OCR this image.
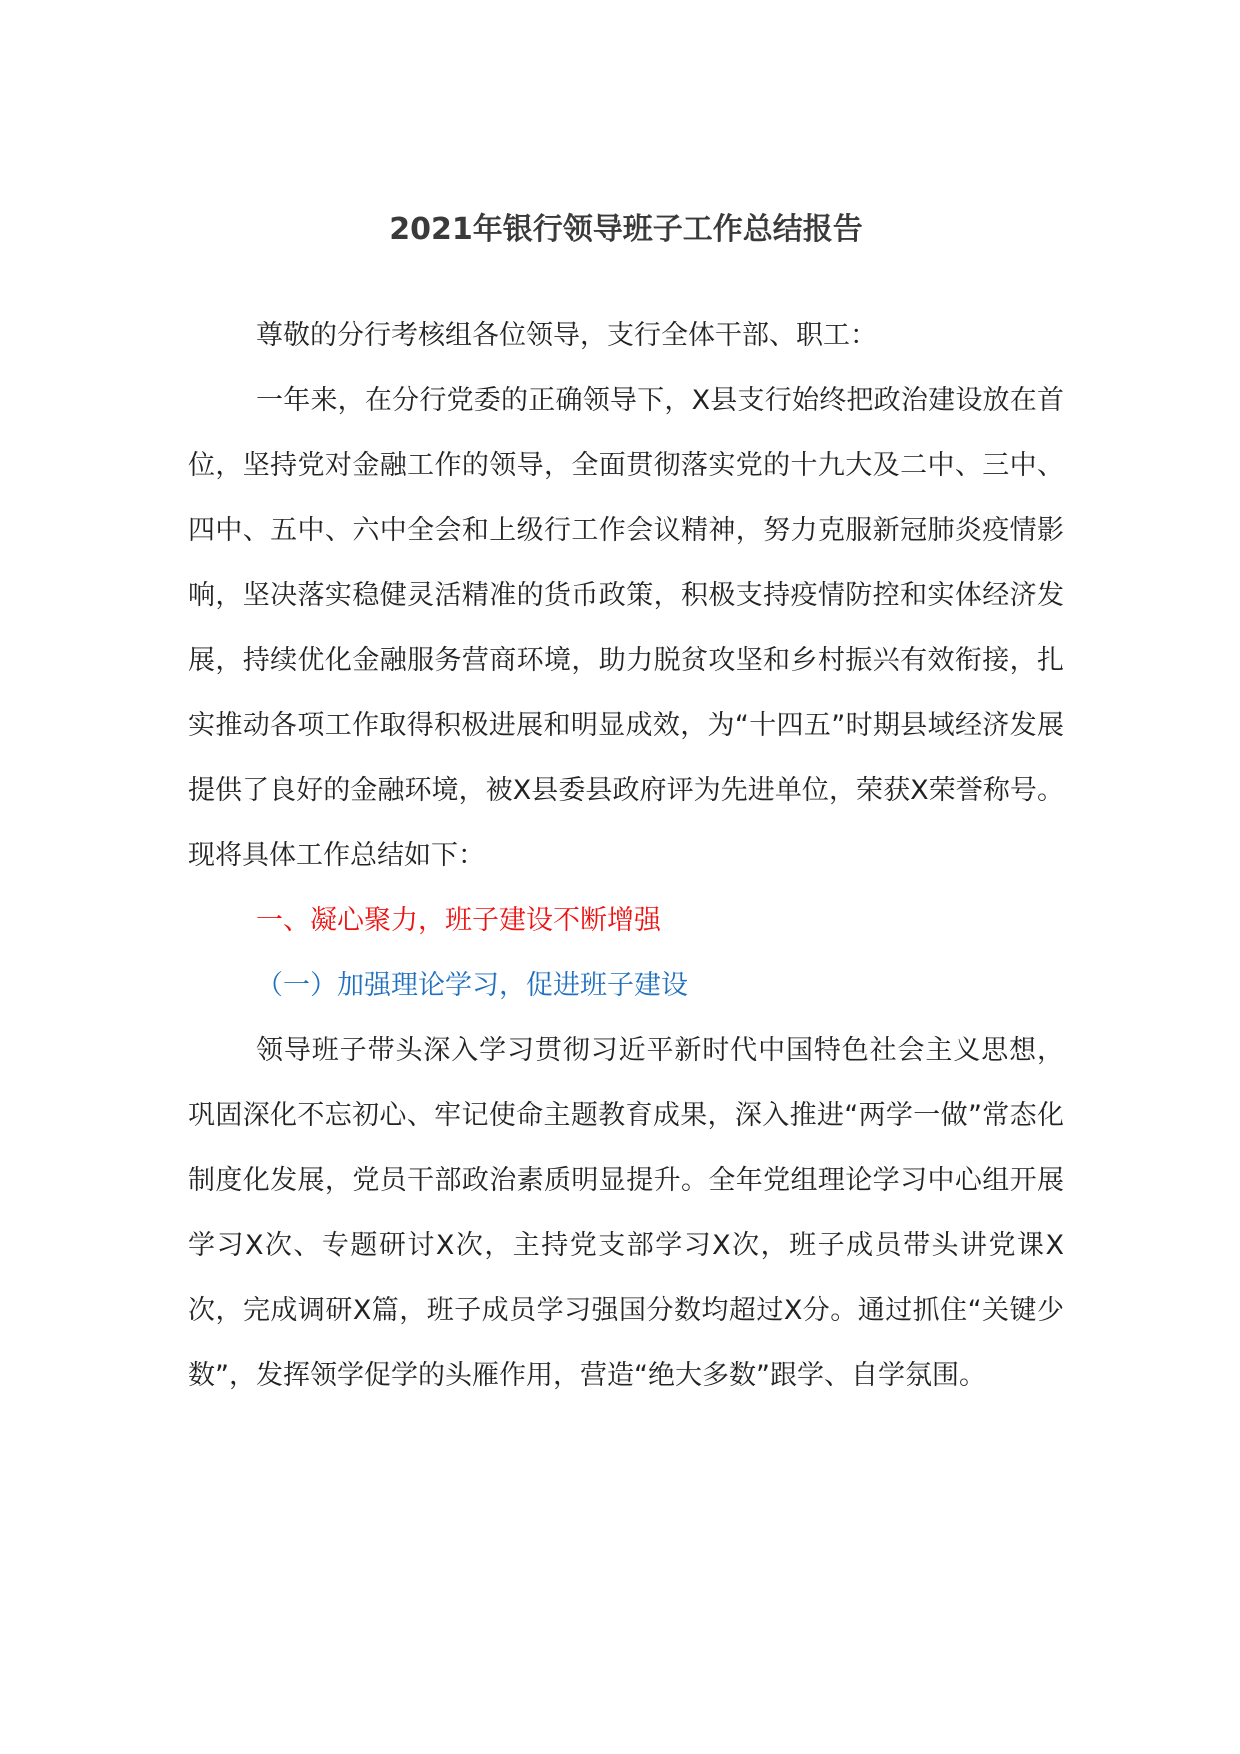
2021年银行领导班子工作总结报告

尊敬的分行考核组各位领导，支行全体干部、职工：

一年来，在分行党委的正确领导下，X县支行始终把政治建设放在首位，坚持党对金融工作的领导，全面贯彻落实党的十九大及二中、三中、四中、五中、六中全会和上级行工作会议精神，努力克服新冠肺炎疫情影响，坚决落实稳健灵活精准的货币政策，积极支持疫情防控和实体经济发展，持续优化金融服务营商环境，助力脱贫攻坚和乡村振兴有效衔接，扎实推动各项工作取得积极进展和明显成效，为“十四五”时期县域经济发展提供了良好的金融环境，被X县委县政府评为先进单位，荣获X荣誉称号。现将具体工作总结如下：

一、凝心聚力，班子建设不断增强

（一）加强理论学习，促进班子建设

领导班子带头深入学习贯彻习近平新时代中国特色社会主义思想，巩固深化不忘初心、牢记使命主题教育成果，深入推进“两学一做”常态化制度化发展，党员干部政治素质明显提升。全年党组理论学习中心组开展学习X次、专题研讨X次，主持党支部学习X次，班子成员带头讲党课X次，完成调研X篇，班子成员学习强国分数均超过X分。通过抓住“关键少数”，发挥领学促学的头雁作用，营造“绝大多数”跟学、自学氛围。
